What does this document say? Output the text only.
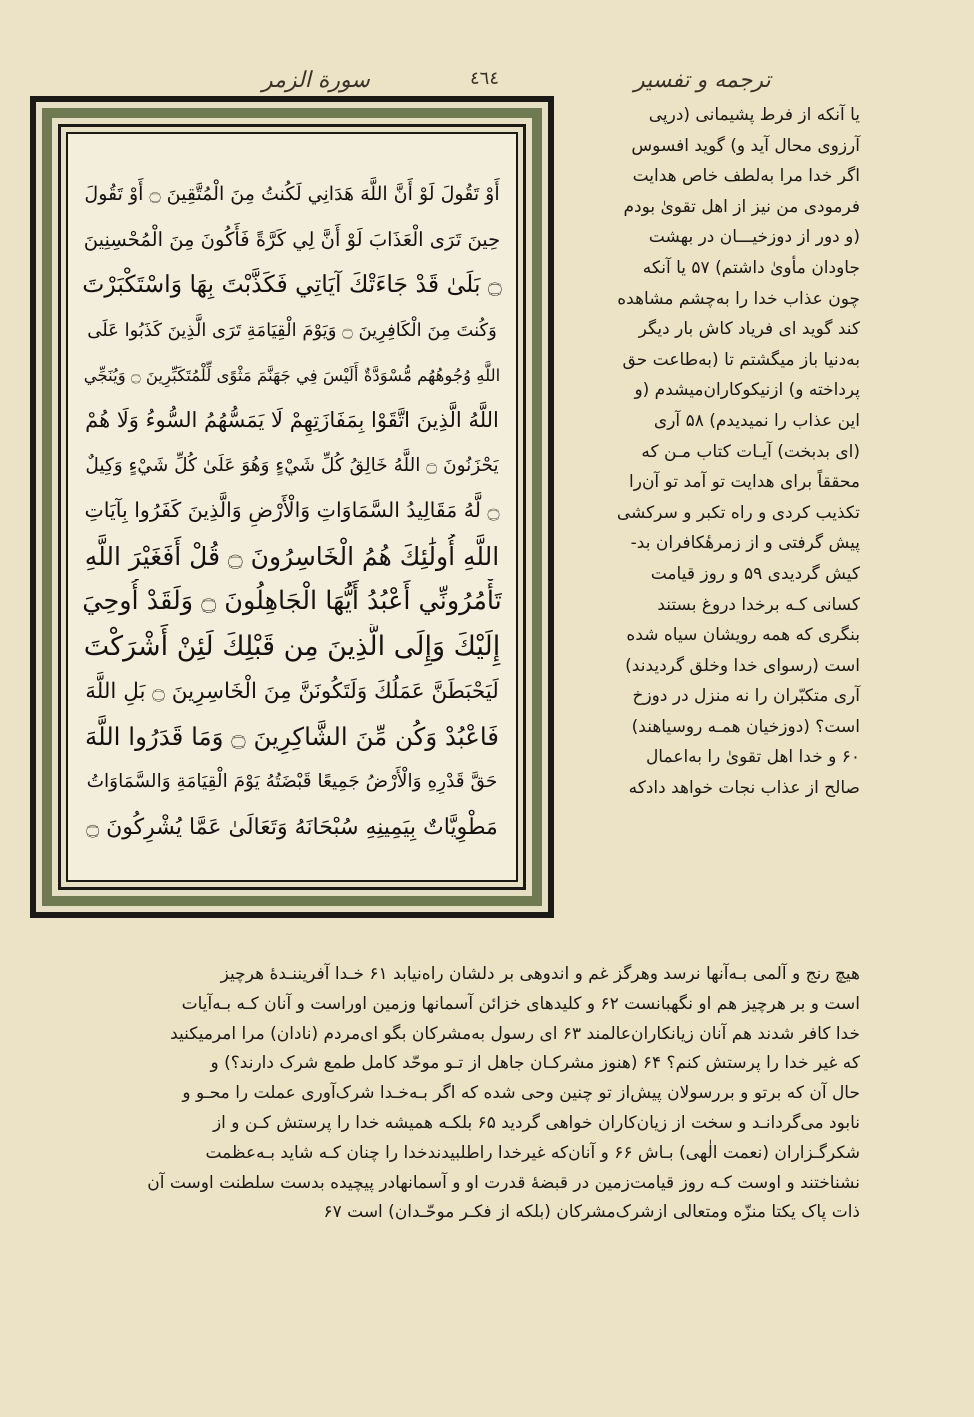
سورة الزمر	٤٦٤	ترجمه و تفسیر
أَوْ تَقُولَ لَوْ أَنَّ اللَّهَ هَدَانِي لَكُنتُ مِنَ الْمُتَّقِينَ ۝ أَوْ تَقُولَ
حِينَ تَرَى الْعَذَابَ لَوْ أَنَّ لِي كَرَّةً فَأَكُونَ مِنَ الْمُحْسِنِينَ
۝ بَلَىٰ قَدْ جَاءَتْكَ آيَاتِي فَكَذَّبْتَ بِهَا وَاسْتَكْبَرْتَ
وَكُنتَ مِنَ الْكَافِرِينَ ۝ وَيَوْمَ الْقِيَامَةِ تَرَى الَّذِينَ كَذَبُوا عَلَى
اللَّهِ وُجُوهُهُم مُّسْوَدَّةٌ أَلَيْسَ فِي جَهَنَّمَ مَثْوًى لِّلْمُتَكَبِّرِينَ ۝ وَيُنَجِّي
اللَّهُ الَّذِينَ اتَّقَوْا بِمَفَازَتِهِمْ لَا يَمَسُّهُمُ السُّوءُ وَلَا هُمْ
يَحْزَنُونَ ۝ اللَّهُ خَالِقُ كُلِّ شَيْءٍ وَهُوَ عَلَىٰ كُلِّ شَيْءٍ وَكِيلٌ
۝ لَّهُ مَقَالِيدُ السَّمَاوَاتِ وَالْأَرْضِ وَالَّذِينَ كَفَرُوا بِآيَاتِ
اللَّهِ أُولَٰئِكَ هُمُ الْخَاسِرُونَ ۝ قُلْ أَفَغَيْرَ اللَّهِ
تَأْمُرُونِّي أَعْبُدُ أَيُّهَا الْجَاهِلُونَ ۝ وَلَقَدْ أُوحِيَ
إِلَيْكَ وَإِلَى الَّذِينَ مِن قَبْلِكَ لَئِنْ أَشْرَكْتَ
لَيَحْبَطَنَّ عَمَلُكَ وَلَتَكُونَنَّ مِنَ الْخَاسِرِينَ ۝ بَلِ اللَّهَ
فَاعْبُدْ وَكُن مِّنَ الشَّاكِرِينَ ۝ وَمَا قَدَرُوا اللَّهَ
حَقَّ قَدْرِهِ وَالْأَرْضُ جَمِيعًا قَبْضَتُهُ يَوْمَ الْقِيَامَةِ وَالسَّمَاوَاتُ
مَطْوِيَّاتٌ بِيَمِينِهِ سُبْحَانَهُ وَتَعَالَىٰ عَمَّا يُشْرِكُونَ ۝
یا آنکه از فرط پشیمانی (درپی
آرزوی محال آید و) گوید افسوس
اگر خدا مرا به‌لطف خاص هدایت
فرمودی من نیز از اهل تقویٰ بودم
(و دور از دوزخیـــان در بهشت
جاودان مأویٰ داشتم) ۵۷ یا آنکه
چون عذاب خدا را به‌چشم مشاهده
کند گوید ای فریاد کاش بار دیگر
به‌دنیا باز میگشتم تا (به‌طاعت حق
پرداخته و) ازنیکوکاران‌میشدم (و
این عذاب را نمیدیدم) ۵۸ آری
(ای بدبخت) آیـات کتاب مـن که
محققاً برای هدایت تو آمد تو آن‌را
تکذیب کردی و راه تکبر و سرکشی
پیش گرفتی و از زمرهٔکافران بد-
کیش گردیدی ۵۹ و روز قیامت
کسانی کـه برخدا دروغ بستند
بنگری که همه رویشان سیاه شده
است (رسوای خدا وخلق گردیدند)
آری متکبّران را نه منزل در دوزخ
است؟ (دوزخیان همـه روسیاهند)
۶۰ و خدا اهل تقویٰ را به‌اعمال
صالح از عذاب نجات خواهد دادکه
هیچ رنج و آلمی بـه‌آنها نرسد وهرگز غم و اندوهی بر دلشان راه‌نیابد ۶۱ خـدا آفریننـدهٔ هرچیز
است و بر هرچیز هم او نگهبانست ۶۲ و کلیدهای خزائن آسمانها وزمین اوراست و آنان کـه بـه‌آیات
خدا کافر شدند هم آنان زیانکاران‌عالمند ۶۳ ای رسول به‌مشرکان بگو ای‌مردم (نادان) مرا امرمیکنید
که غیر خدا را پرستش کنم؟ ۶۴ (هنوز مشرکـان جاهل از تـو موحّد کامل طمع شرک دارند؟) و
حال آن که برتو و بررسولان پیش‌از تو چنین وحی شده که اگر بـه‌خـدا شرک‌آوری عملت را محـو و
نابود می‌گردانـد و سخت از زیان‌کاران خواهی گردید ۶۵ بلکـه همیشه خدا را پرستش کـن و از
شکرگـزاران (نعمت الٰهی) بـاش ۶۶ و آنان‌که غیرخدا راطلبیدندخدا را چنان کـه شاید بـه‌عظمت
نشناختند و اوست کـه روز قیامت‌زمین در قبضهٔ قدرت او و آسمانهادر پیچیده بدست سلطنت اوست آن
ذات پاک یکتا منزّه ومتعالی ازشرک‌مشرکان (بلکه از فکـر موحّـدان) است ۶۷
